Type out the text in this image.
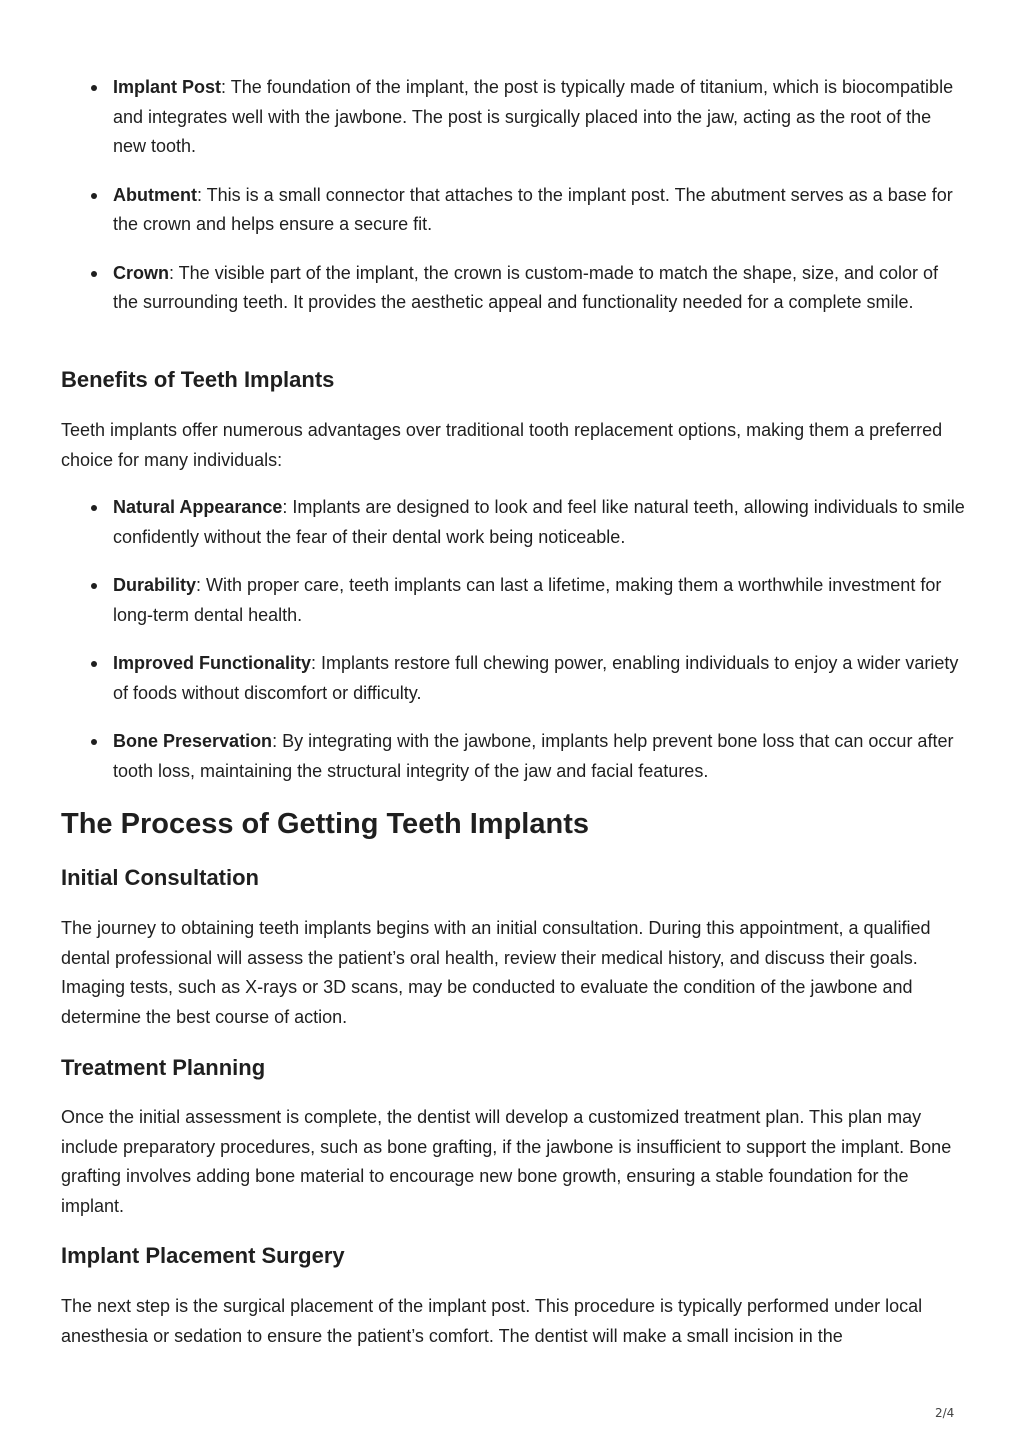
Implant Post: The foundation of the implant, the post is typically made of titanium, which is biocompatible and integrates well with the jawbone. The post is surgically placed into the jaw, acting as the root of the new tooth.
Abutment: This is a small connector that attaches to the implant post. The abutment serves as a base for the crown and helps ensure a secure fit.
Crown: The visible part of the implant, the crown is custom-made to match the shape, size, and color of the surrounding teeth. It provides the aesthetic appeal and functionality needed for a complete smile.
Benefits of Teeth Implants

Teeth implants offer numerous advantages over traditional tooth replacement options, making them a preferred choice for many individuals:

Natural Appearance: Implants are designed to look and feel like natural teeth, allowing individuals to smile confidently without the fear of their dental work being noticeable.
Durability: With proper care, teeth implants can last a lifetime, making them a worthwhile investment for long-term dental health.
Improved Functionality: Implants restore full chewing power, enabling individuals to enjoy a wider variety of foods without discomfort or difficulty.
Bone Preservation: By integrating with the jawbone, implants help prevent bone loss that can occur after tooth loss, maintaining the structural integrity of the jaw and facial features.
The Process of Getting Teeth Implants
Initial Consultation

The journey to obtaining teeth implants begins with an initial consultation. During this appointment, a qualified dental professional will assess the patient’s oral health, review their medical history, and discuss their goals. Imaging tests, such as X-rays or 3D scans, may be conducted to evaluate the condition of the jawbone and determine the best course of action.

Treatment Planning

Once the initial assessment is complete, the dentist will develop a customized treatment plan. This plan may include preparatory procedures, such as bone grafting, if the jawbone is insufficient to support the implant. Bone grafting involves adding bone material to encourage new bone growth, ensuring a stable foundation for the implant.

Implant Placement Surgery

The next step is the surgical placement of the implant post. This procedure is typically performed under local anesthesia or sedation to ensure the patient’s comfort. The dentist will make a small incision in the

2/4
